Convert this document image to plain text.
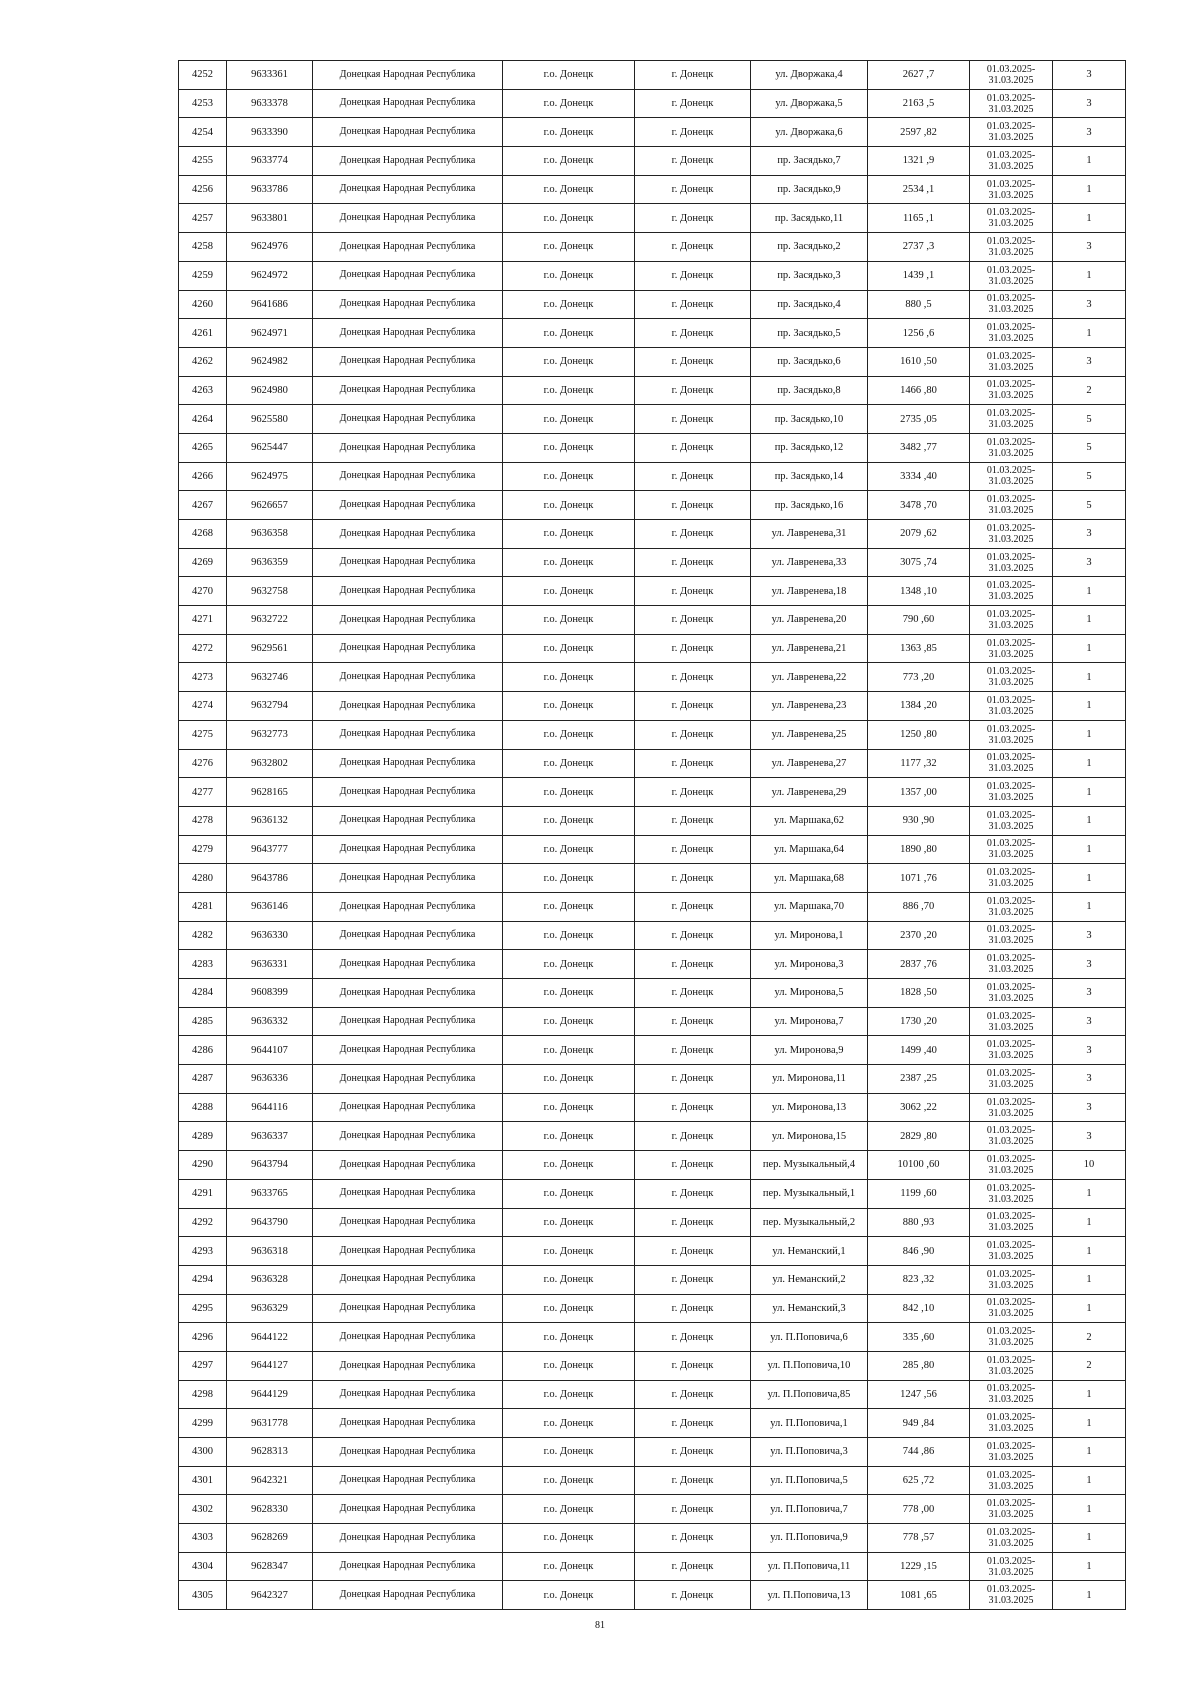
4252	9633361	Донецкая Народная Республика	г.о. Донецк	г. Донецк	ул. Дворжака,4	2627 ,7	01.03.2025-
31.03.2025	3
4253	9633378	Донецкая Народная Республика	г.о. Донецк	г. Донецк	ул. Дворжака,5	2163 ,5	01.03.2025-
31.03.2025	3
4254	9633390	Донецкая Народная Республика	г.о. Донецк	г. Донецк	ул. Дворжака,6	2597 ,82	01.03.2025-
31.03.2025	3
4255	9633774	Донецкая Народная Республика	г.о. Донецк	г. Донецк	пр. Засядько,7	1321 ,9	01.03.2025-
31.03.2025	1
4256	9633786	Донецкая Народная Республика	г.о. Донецк	г. Донецк	пр. Засядько,9	2534 ,1	01.03.2025-
31.03.2025	1
4257	9633801	Донецкая Народная Республика	г.о. Донецк	г. Донецк	пр. Засядько,11	1165 ,1	01.03.2025-
31.03.2025	1
4258	9624976	Донецкая Народная Республика	г.о. Донецк	г. Донецк	пр. Засядько,2	2737 ,3	01.03.2025-
31.03.2025	3
4259	9624972	Донецкая Народная Республика	г.о. Донецк	г. Донецк	пр. Засядько,3	1439 ,1	01.03.2025-
31.03.2025	1
4260	9641686	Донецкая Народная Республика	г.о. Донецк	г. Донецк	пр. Засядько,4	880 ,5	01.03.2025-
31.03.2025	3
4261	9624971	Донецкая Народная Республика	г.о. Донецк	г. Донецк	пр. Засядько,5	1256 ,6	01.03.2025-
31.03.2025	1
4262	9624982	Донецкая Народная Республика	г.о. Донецк	г. Донецк	пр. Засядько,6	1610 ,50	01.03.2025-
31.03.2025	3
4263	9624980	Донецкая Народная Республика	г.о. Донецк	г. Донецк	пр. Засядько,8	1466 ,80	01.03.2025-
31.03.2025	2
4264	9625580	Донецкая Народная Республика	г.о. Донецк	г. Донецк	пр. Засядько,10	2735 ,05	01.03.2025-
31.03.2025	5
4265	9625447	Донецкая Народная Республика	г.о. Донецк	г. Донецк	пр. Засядько,12	3482 ,77	01.03.2025-
31.03.2025	5
4266	9624975	Донецкая Народная Республика	г.о. Донецк	г. Донецк	пр. Засядько,14	3334 ,40	01.03.2025-
31.03.2025	5
4267	9626657	Донецкая Народная Республика	г.о. Донецк	г. Донецк	пр. Засядько,16	3478 ,70	01.03.2025-
31.03.2025	5
4268	9636358	Донецкая Народная Республика	г.о. Донецк	г. Донецк	ул. Лавренева,31	2079 ,62	01.03.2025-
31.03.2025	3
4269	9636359	Донецкая Народная Республика	г.о. Донецк	г. Донецк	ул. Лавренева,33	3075 ,74	01.03.2025-
31.03.2025	3
4270	9632758	Донецкая Народная Республика	г.о. Донецк	г. Донецк	ул. Лавренева,18	1348 ,10	01.03.2025-
31.03.2025	1
4271	9632722	Донецкая Народная Республика	г.о. Донецк	г. Донецк	ул. Лавренева,20	790 ,60	01.03.2025-
31.03.2025	1
4272	9629561	Донецкая Народная Республика	г.о. Донецк	г. Донецк	ул. Лавренева,21	1363 ,85	01.03.2025-
31.03.2025	1
4273	9632746	Донецкая Народная Республика	г.о. Донецк	г. Донецк	ул. Лавренева,22	773 ,20	01.03.2025-
31.03.2025	1
4274	9632794	Донецкая Народная Республика	г.о. Донецк	г. Донецк	ул. Лавренева,23	1384 ,20	01.03.2025-
31.03.2025	1
4275	9632773	Донецкая Народная Республика	г.о. Донецк	г. Донецк	ул. Лавренева,25	1250 ,80	01.03.2025-
31.03.2025	1
4276	9632802	Донецкая Народная Республика	г.о. Донецк	г. Донецк	ул. Лавренева,27	1177 ,32	01.03.2025-
31.03.2025	1
4277	9628165	Донецкая Народная Республика	г.о. Донецк	г. Донецк	ул. Лавренева,29	1357 ,00	01.03.2025-
31.03.2025	1
4278	9636132	Донецкая Народная Республика	г.о. Донецк	г. Донецк	ул. Маршака,62	930 ,90	01.03.2025-
31.03.2025	1
4279	9643777	Донецкая Народная Республика	г.о. Донецк	г. Донецк	ул. Маршака,64	1890 ,80	01.03.2025-
31.03.2025	1
4280	9643786	Донецкая Народная Республика	г.о. Донецк	г. Донецк	ул. Маршака,68	1071 ,76	01.03.2025-
31.03.2025	1
4281	9636146	Донецкая Народная Республика	г.о. Донецк	г. Донецк	ул. Маршака,70	886 ,70	01.03.2025-
31.03.2025	1
4282	9636330	Донецкая Народная Республика	г.о. Донецк	г. Донецк	ул. Миронова,1	2370 ,20	01.03.2025-
31.03.2025	3
4283	9636331	Донецкая Народная Республика	г.о. Донецк	г. Донецк	ул. Миронова,3	2837 ,76	01.03.2025-
31.03.2025	3
4284	9608399	Донецкая Народная Республика	г.о. Донецк	г. Донецк	ул. Миронова,5	1828 ,50	01.03.2025-
31.03.2025	3
4285	9636332	Донецкая Народная Республика	г.о. Донецк	г. Донецк	ул. Миронова,7	1730 ,20	01.03.2025-
31.03.2025	3
4286	9644107	Донецкая Народная Республика	г.о. Донецк	г. Донецк	ул. Миронова,9	1499 ,40	01.03.2025-
31.03.2025	3
4287	9636336	Донецкая Народная Республика	г.о. Донецк	г. Донецк	ул. Миронова,11	2387 ,25	01.03.2025-
31.03.2025	3
4288	9644116	Донецкая Народная Республика	г.о. Донецк	г. Донецк	ул. Миронова,13	3062 ,22	01.03.2025-
31.03.2025	3
4289	9636337	Донецкая Народная Республика	г.о. Донецк	г. Донецк	ул. Миронова,15	2829 ,80	01.03.2025-
31.03.2025	3
4290	9643794	Донецкая Народная Республика	г.о. Донецк	г. Донецк	пер. Музыкальный,4	10100 ,60	01.03.2025-
31.03.2025	10
4291	9633765	Донецкая Народная Республика	г.о. Донецк	г. Донецк	пер. Музыкальный,1	1199 ,60	01.03.2025-
31.03.2025	1
4292	9643790	Донецкая Народная Республика	г.о. Донецк	г. Донецк	пер. Музыкальный,2	880 ,93	01.03.2025-
31.03.2025	1
4293	9636318	Донецкая Народная Республика	г.о. Донецк	г. Донецк	ул. Неманский,1	846 ,90	01.03.2025-
31.03.2025	1
4294	9636328	Донецкая Народная Республика	г.о. Донецк	г. Донецк	ул. Неманский,2	823 ,32	01.03.2025-
31.03.2025	1
4295	9636329	Донецкая Народная Республика	г.о. Донецк	г. Донецк	ул. Неманский,3	842 ,10	01.03.2025-
31.03.2025	1
4296	9644122	Донецкая Народная Республика	г.о. Донецк	г. Донецк	ул. П.Поповича,6	335 ,60	01.03.2025-
31.03.2025	2
4297	9644127	Донецкая Народная Республика	г.о. Донецк	г. Донецк	ул. П.Поповича,10	285 ,80	01.03.2025-
31.03.2025	2
4298	9644129	Донецкая Народная Республика	г.о. Донецк	г. Донецк	ул. П.Поповича,85	1247 ,56	01.03.2025-
31.03.2025	1
4299	9631778	Донецкая Народная Республика	г.о. Донецк	г. Донецк	ул. П.Поповича,1	949 ,84	01.03.2025-
31.03.2025	1
4300	9628313	Донецкая Народная Республика	г.о. Донецк	г. Донецк	ул. П.Поповича,3	744 ,86	01.03.2025-
31.03.2025	1
4301	9642321	Донецкая Народная Республика	г.о. Донецк	г. Донецк	ул. П.Поповича,5	625 ,72	01.03.2025-
31.03.2025	1
4302	9628330	Донецкая Народная Республика	г.о. Донецк	г. Донецк	ул. П.Поповича,7	778 ,00	01.03.2025-
31.03.2025	1
4303	9628269	Донецкая Народная Республика	г.о. Донецк	г. Донецк	ул. П.Поповича,9	778 ,57	01.03.2025-
31.03.2025	1
4304	9628347	Донецкая Народная Республика	г.о. Донецк	г. Донецк	ул. П.Поповича,11	1229 ,15	01.03.2025-
31.03.2025	1
4305	9642327	Донецкая Народная Республика	г.о. Донецк	г. Донецк	ул. П.Поповича,13	1081 ,65	01.03.2025-
31.03.2025	1
81
